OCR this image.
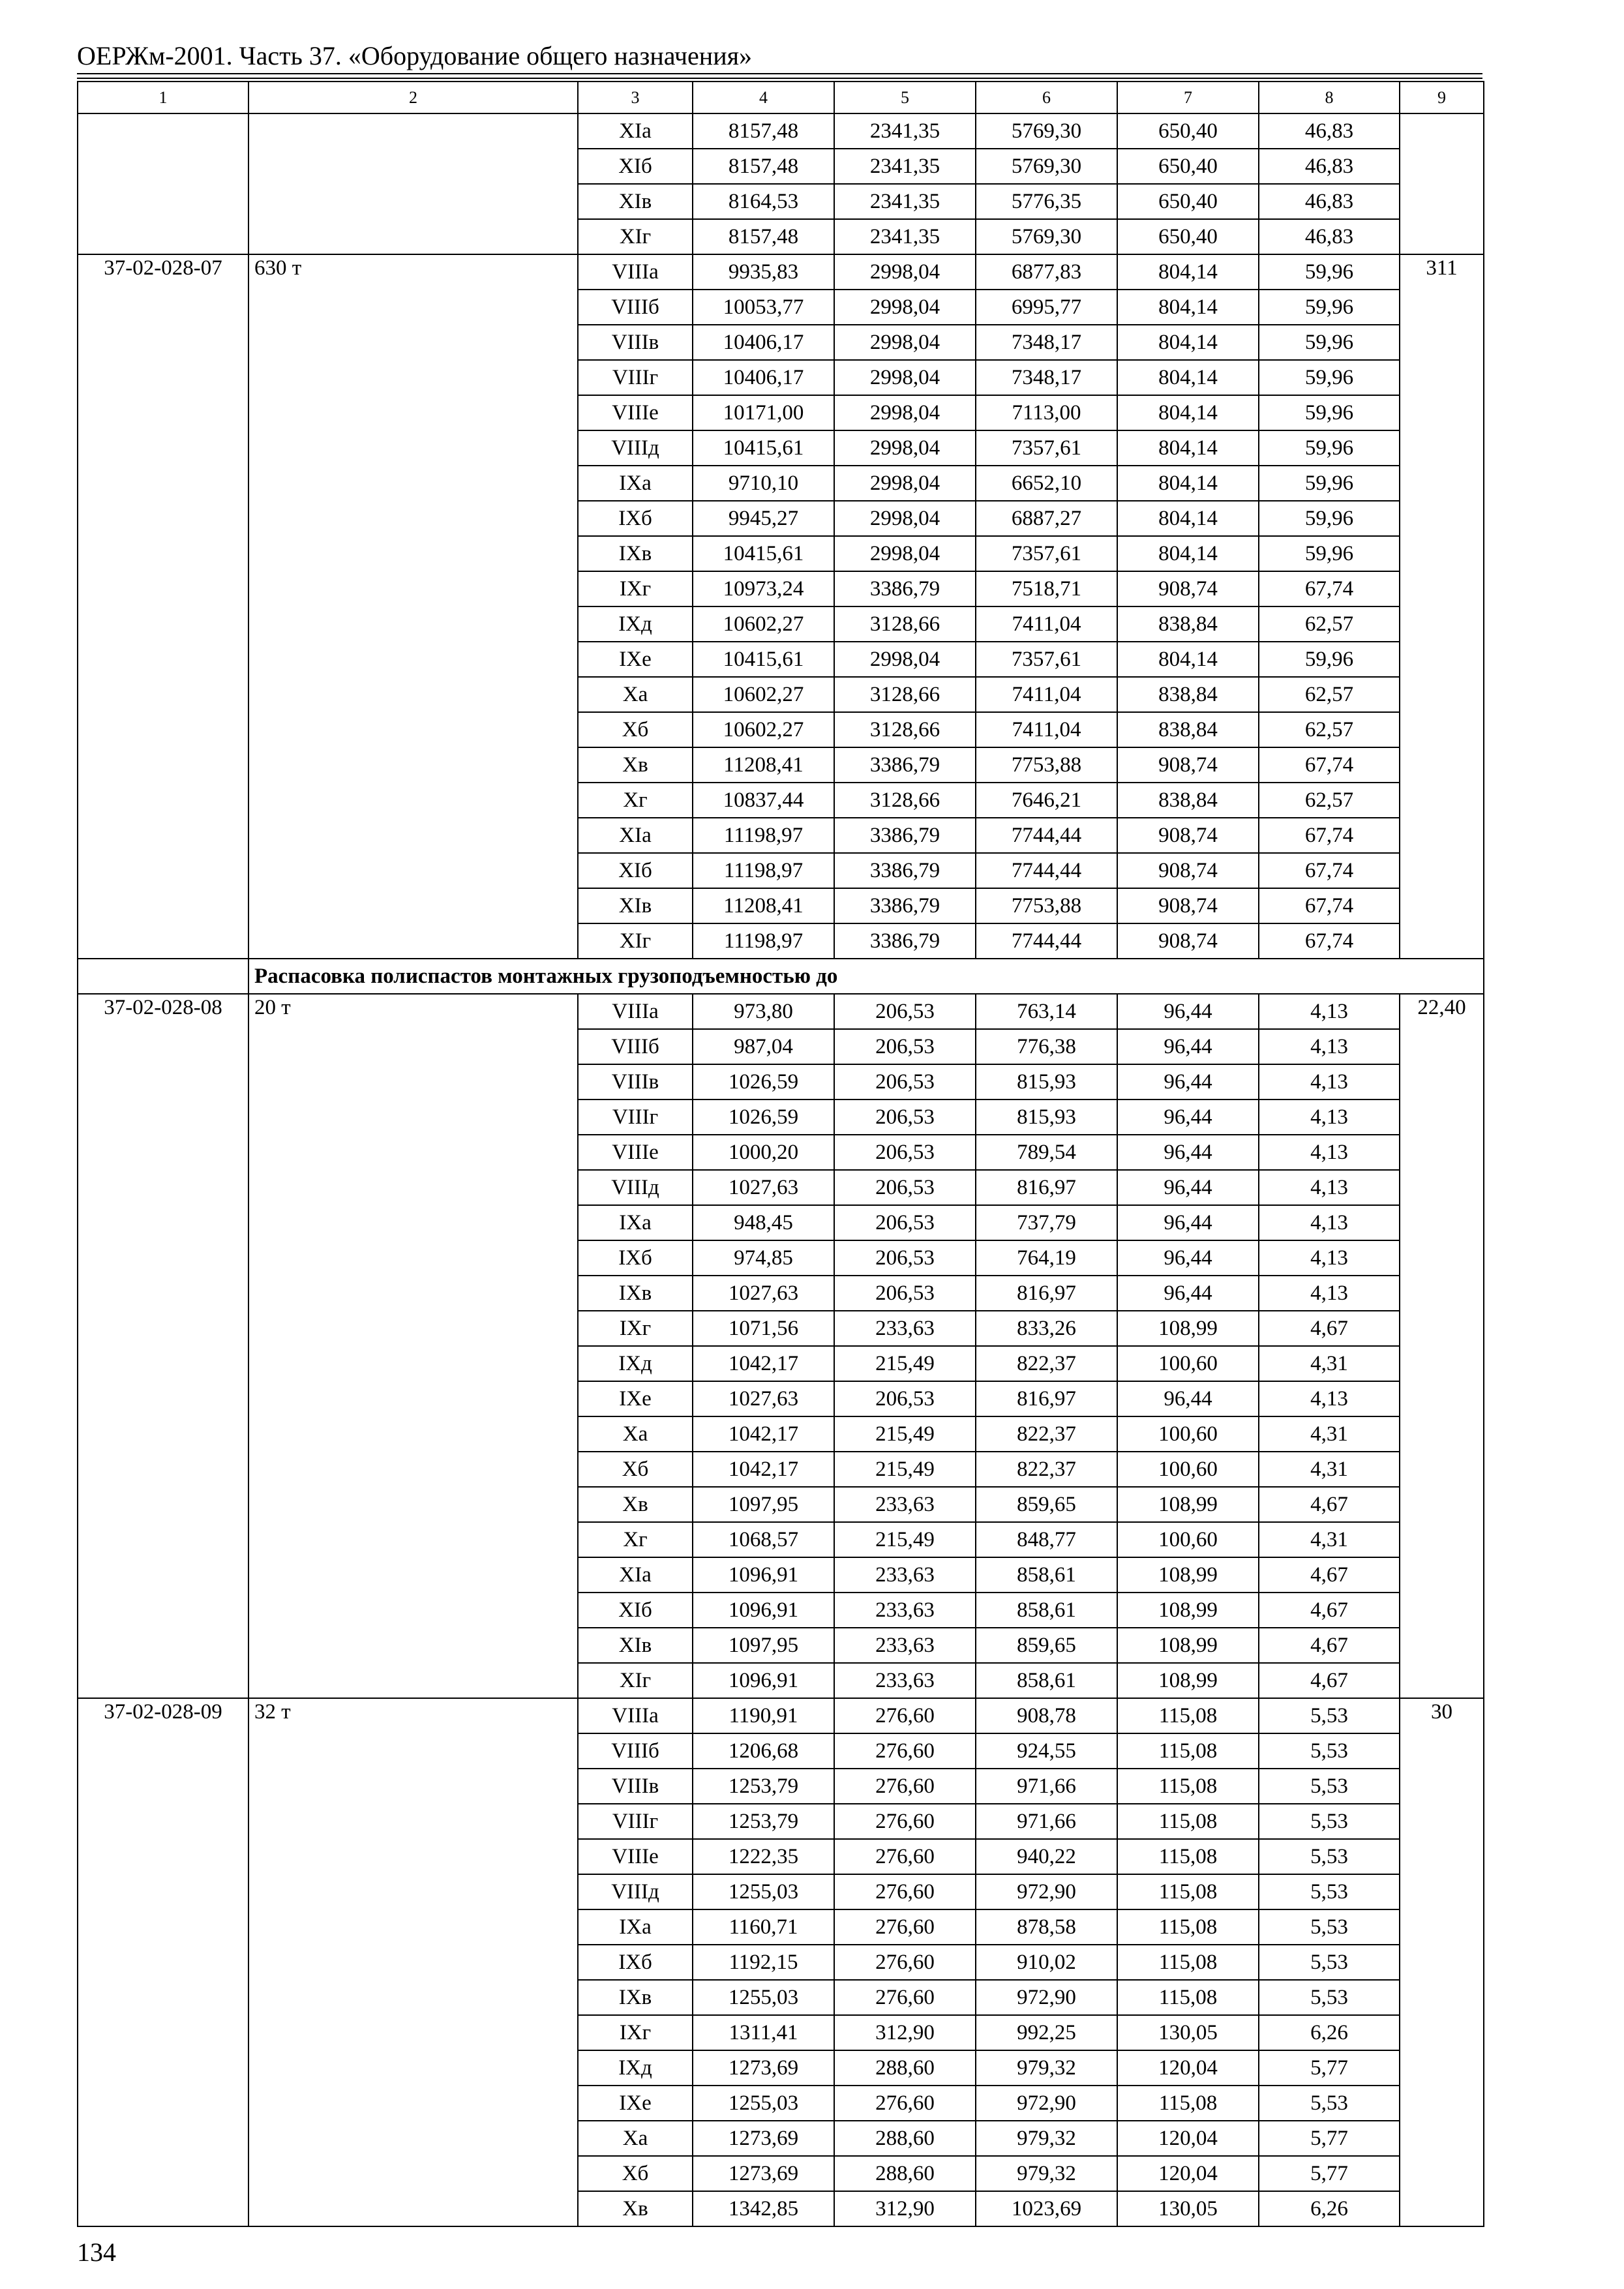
ОЕРЖм-2001. Часть 37. «Оборудование общего назначения»
1	2	3	4	5	6	7	8	9
		XIа	8157,48	2341,35	5769,30	650,40	46,83	
		XIб	8157,48	2341,35	5769,30	650,40	46,83	
		XIв	8164,53	2341,35	5776,35	650,40	46,83	
		XIг	8157,48	2341,35	5769,30	650,40	46,83	
37-02-028-07	630 т	VIIIа	9935,83	2998,04	6877,83	804,14	59,96	311
		VIIIб	10053,77	2998,04	6995,77	804,14	59,96	
		VIIIв	10406,17	2998,04	7348,17	804,14	59,96	
		VIIIг	10406,17	2998,04	7348,17	804,14	59,96	
		VIIIе	10171,00	2998,04	7113,00	804,14	59,96	
		VIIIд	10415,61	2998,04	7357,61	804,14	59,96	
		IXа	9710,10	2998,04	6652,10	804,14	59,96	
		IXб	9945,27	2998,04	6887,27	804,14	59,96	
		IXв	10415,61	2998,04	7357,61	804,14	59,96	
		IXг	10973,24	3386,79	7518,71	908,74	67,74	
		IXд	10602,27	3128,66	7411,04	838,84	62,57	
		IXе	10415,61	2998,04	7357,61	804,14	59,96	
		Xа	10602,27	3128,66	7411,04	838,84	62,57	
		Xб	10602,27	3128,66	7411,04	838,84	62,57	
		Xв	11208,41	3386,79	7753,88	908,74	67,74	
		Xг	10837,44	3128,66	7646,21	838,84	62,57	
		XIа	11198,97	3386,79	7744,44	908,74	67,74	
		XIб	11198,97	3386,79	7744,44	908,74	67,74	
		XIв	11208,41	3386,79	7753,88	908,74	67,74	
		XIг	11198,97	3386,79	7744,44	908,74	67,74	
	Распасовка полиспастов монтажных грузоподъемностью до							
37-02-028-08	20 т	VIIIа	973,80	206,53	763,14	96,44	4,13	22,40
		VIIIб	987,04	206,53	776,38	96,44	4,13	
		VIIIв	1026,59	206,53	815,93	96,44	4,13	
		VIIIг	1026,59	206,53	815,93	96,44	4,13	
		VIIIе	1000,20	206,53	789,54	96,44	4,13	
		VIIIд	1027,63	206,53	816,97	96,44	4,13	
		IXа	948,45	206,53	737,79	96,44	4,13	
		IXб	974,85	206,53	764,19	96,44	4,13	
		IXв	1027,63	206,53	816,97	96,44	4,13	
		IXг	1071,56	233,63	833,26	108,99	4,67	
		IXд	1042,17	215,49	822,37	100,60	4,31	
		IXе	1027,63	206,53	816,97	96,44	4,13	
		Xа	1042,17	215,49	822,37	100,60	4,31	
		Xб	1042,17	215,49	822,37	100,60	4,31	
		Xв	1097,95	233,63	859,65	108,99	4,67	
		Xг	1068,57	215,49	848,77	100,60	4,31	
		XIа	1096,91	233,63	858,61	108,99	4,67	
		XIб	1096,91	233,63	858,61	108,99	4,67	
		XIв	1097,95	233,63	859,65	108,99	4,67	
		XIг	1096,91	233,63	858,61	108,99	4,67	
37-02-028-09	32 т	VIIIа	1190,91	276,60	908,78	115,08	5,53	30
		VIIIб	1206,68	276,60	924,55	115,08	5,53	
		VIIIв	1253,79	276,60	971,66	115,08	5,53	
		VIIIг	1253,79	276,60	971,66	115,08	5,53	
		VIIIе	1222,35	276,60	940,22	115,08	5,53	
		VIIIд	1255,03	276,60	972,90	115,08	5,53	
		IXа	1160,71	276,60	878,58	115,08	5,53	
		IXб	1192,15	276,60	910,02	115,08	5,53	
		IXв	1255,03	276,60	972,90	115,08	5,53	
		IXг	1311,41	312,90	992,25	130,05	6,26	
		IXд	1273,69	288,60	979,32	120,04	5,77	
		IXе	1255,03	276,60	972,90	115,08	5,53	
		Xа	1273,69	288,60	979,32	120,04	5,77	
		Xб	1273,69	288,60	979,32	120,04	5,77	
		Xв	1342,85	312,90	1023,69	130,05	6,26	
134
